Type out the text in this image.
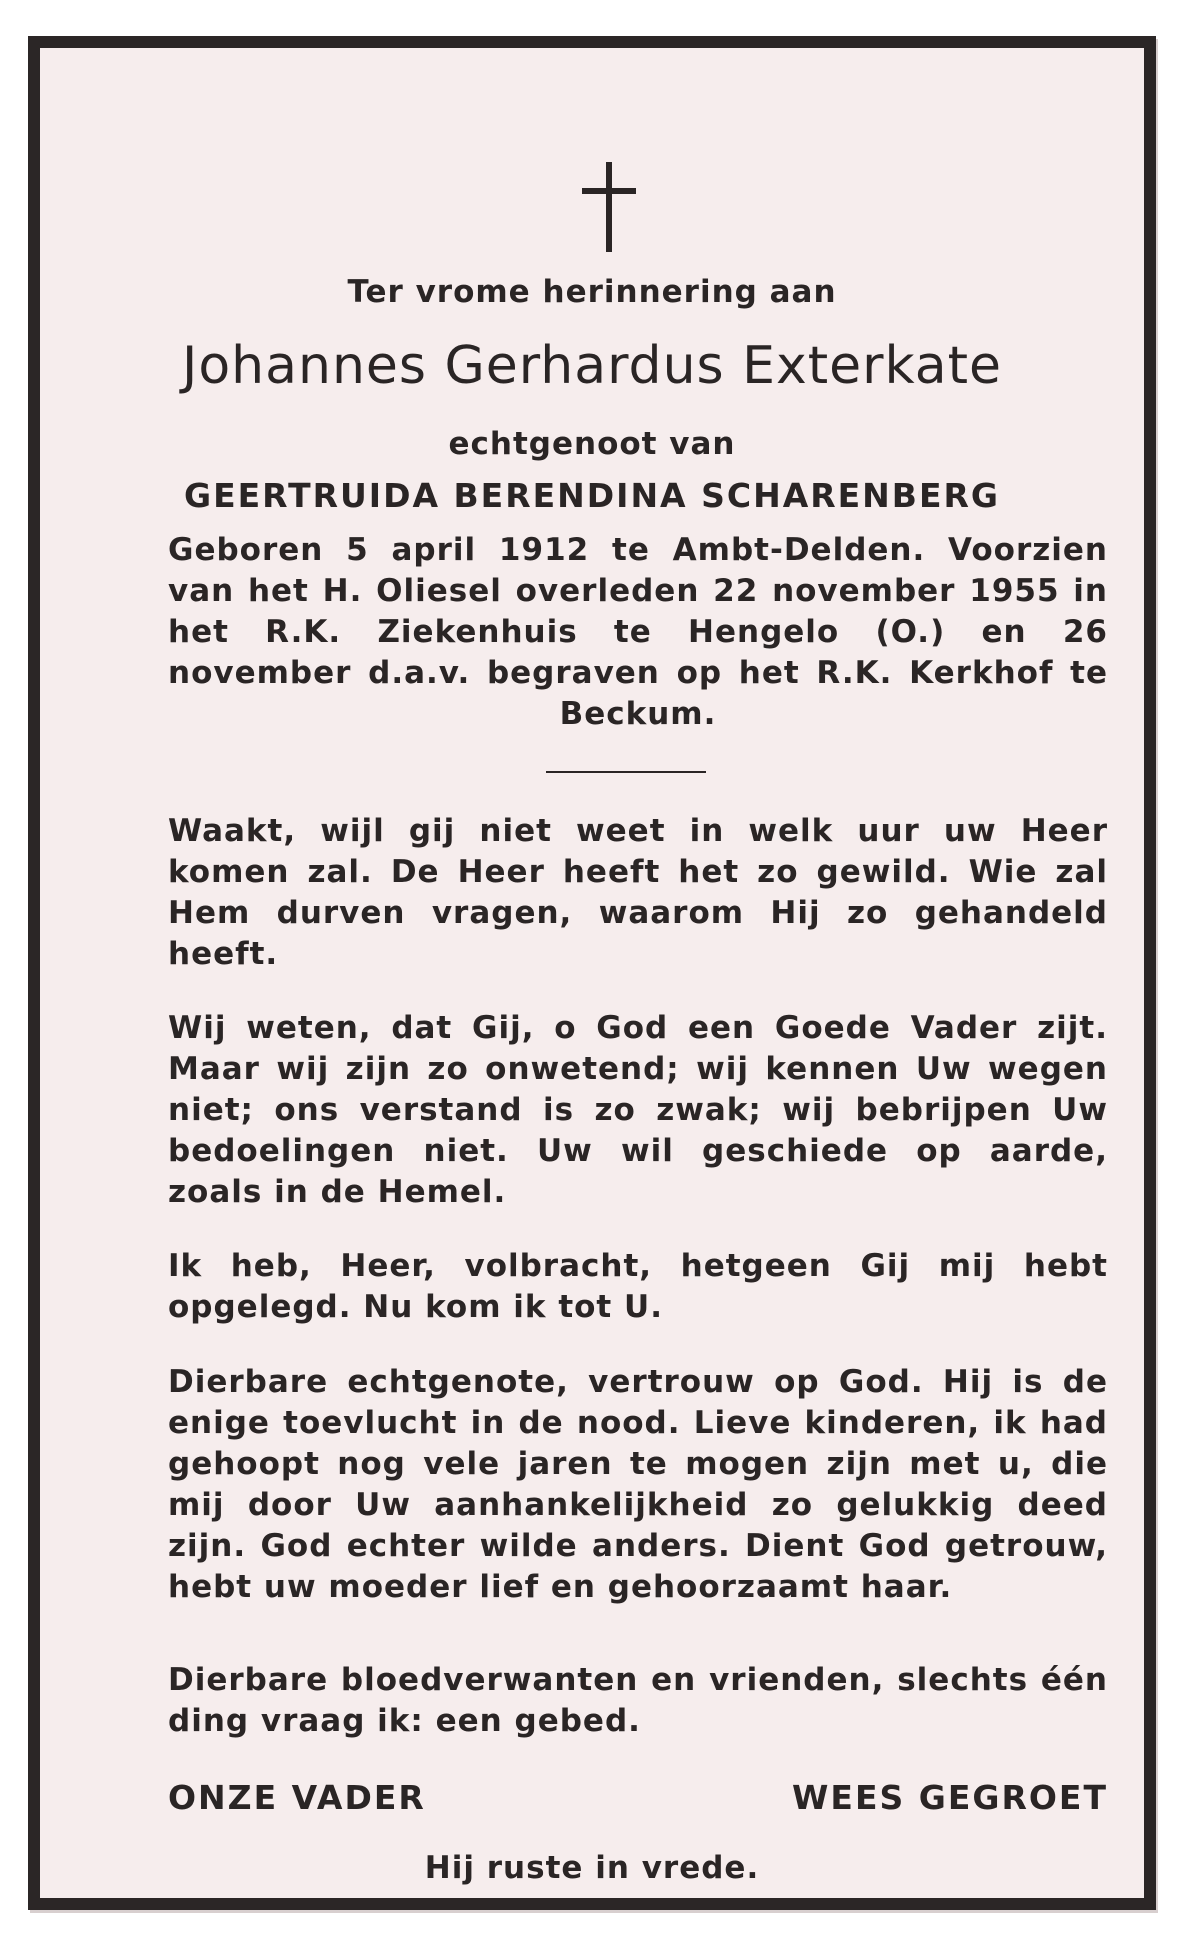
Ter vrome herinnering aan
Johannes Gerhardus Exterkate
echtgenoot van
GEERTRUIDA BERENDINA SCHARENBERG
Geboren 5 april 1912 te Ambt-Delden. Voorzien van het H. Oliesel overleden 22 november 1955 in het R.K. Ziekenhuis te Hengelo (O.) en 26 november d.a.v. begraven op het R.K. Kerkhof te Beckum.
Waakt, wijl gij niet weet in welk uur uw Heer komen zal. De Heer heeft het zo gewild. Wie zal Hem durven vragen, waarom Hij zo gehandeld heeft.
Wij weten, dat Gij, o God een Goede Vader zijt. Maar wij zijn zo onwetend; wij kennen Uw wegen niet; ons verstand is zo zwak; wij bebrijpen Uw bedoelingen niet. Uw wil geschiede op aarde, zoals in de Hemel.
Ik heb, Heer, volbracht, hetgeen Gij mij hebt opgelegd. Nu kom ik tot U.
Dierbare echtgenote, vertrouw op God. Hij is de enige toevlucht in de nood. Lieve kinderen, ik had gehoopt nog vele jaren te mogen zijn met u, die mij door Uw aanhankelijkheid zo gelukkig deed zijn. God echter wilde anders. Dient God getrouw, hebt uw moeder lief en gehoorzaamt haar.
Dierbare bloedverwanten en vrienden, slechts één ding vraag ik: een gebed.
ONZE VADER	WEES GEGROET
Hij ruste in vrede.
